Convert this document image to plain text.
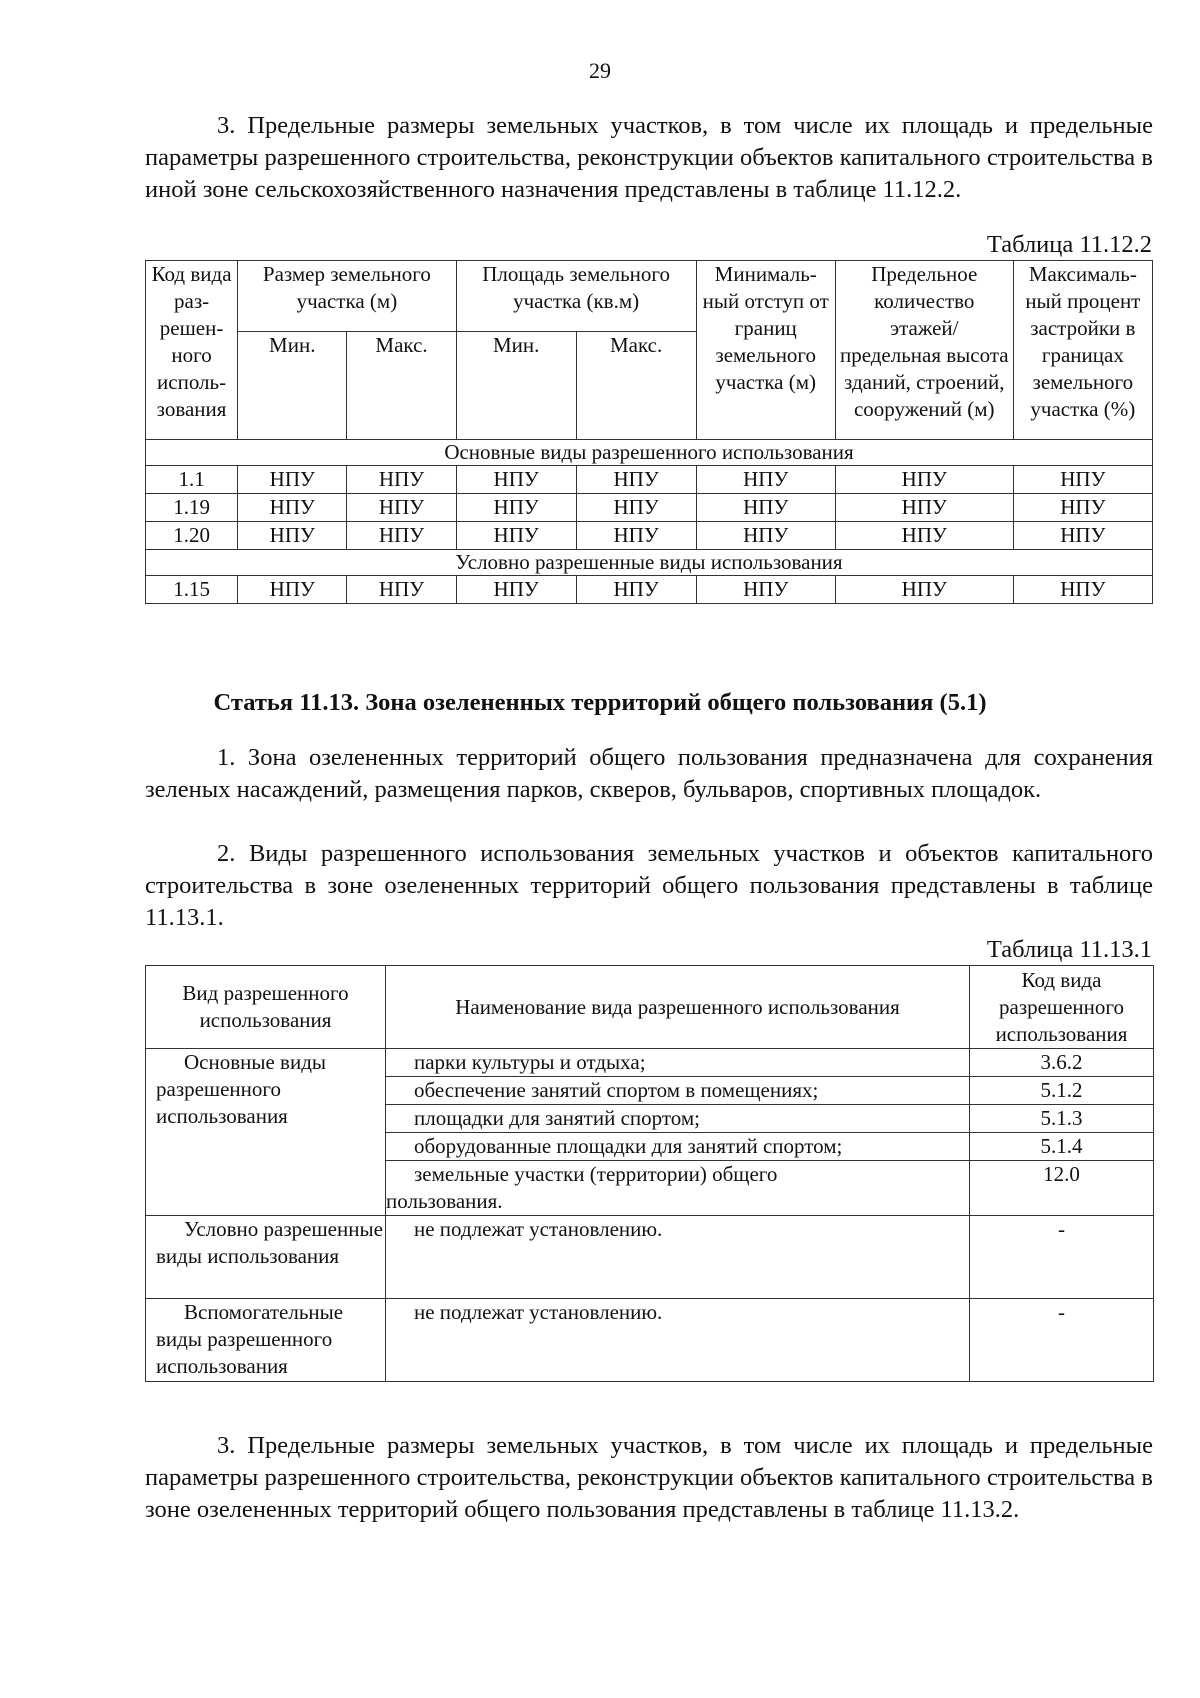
29

3. Предельные размеры земельных участков, в том числе их площадь и предельные параметры разрешенного строительства, реконструкции объектов капитального строительства в иной зоне сельскохозяйственного назначения представлены в таблице 11.12.2.

Таблица 11.12.2
Код вида раз-решен-ного исполь-зования	Размер земельного участка (м)		Площадь земельного участка (кв.м)		Минималь-ный отступ от границ земельного участка (м)	Предельное количество этажей/ предельная высота зданий, строений, сооружений (м)	Максималь-ный процент застройки в границах земельного участка (%)
	Мин.	Макс.	Мин.	Макс.			
Основные виды разрешенного использования							
1.1	НПУ	НПУ	НПУ	НПУ	НПУ	НПУ	НПУ
1.19	НПУ	НПУ	НПУ	НПУ	НПУ	НПУ	НПУ
1.20	НПУ	НПУ	НПУ	НПУ	НПУ	НПУ	НПУ
Условно разрешенные виды использования							
1.15	НПУ	НПУ	НПУ	НПУ	НПУ	НПУ	НПУ
Статья 11.13. Зона озелененных территорий общего пользования (5.1)

1. Зона озелененных территорий общего пользования предназначена для сохранения зеленых насаждений, размещения парков, скверов, бульваров, спортивных площадок.

2. Виды разрешенного использования земельных участков и объектов капитального строительства в зоне озелененных территорий общего пользования представлены в таблице 11.13.1.

Таблица 11.13.1
Вид разрешенного использования	Наименование вида разрешенного использования	Код вида разрешенного использования
Основные виды разрешенного использования	парки культуры и отдыха;	3.6.2
	обеспечение занятий спортом в помещениях;	5.1.2
	площадки для занятий спортом;	5.1.3
	оборудованные площадки для занятий спортом;	5.1.4
	земельные участки (территории) общего пользования.	12.0
Условно разрешенные виды использования	не подлежат установлению.	-
Вспомогательные виды разрешенного использования	не подлежат установлению.	-

3. Предельные размеры земельных участков, в том числе их площадь и предельные параметры разрешенного строительства, реконструкции объектов капитального строительства в зоне озелененных территорий общего пользования представлены в таблице 11.13.2.
